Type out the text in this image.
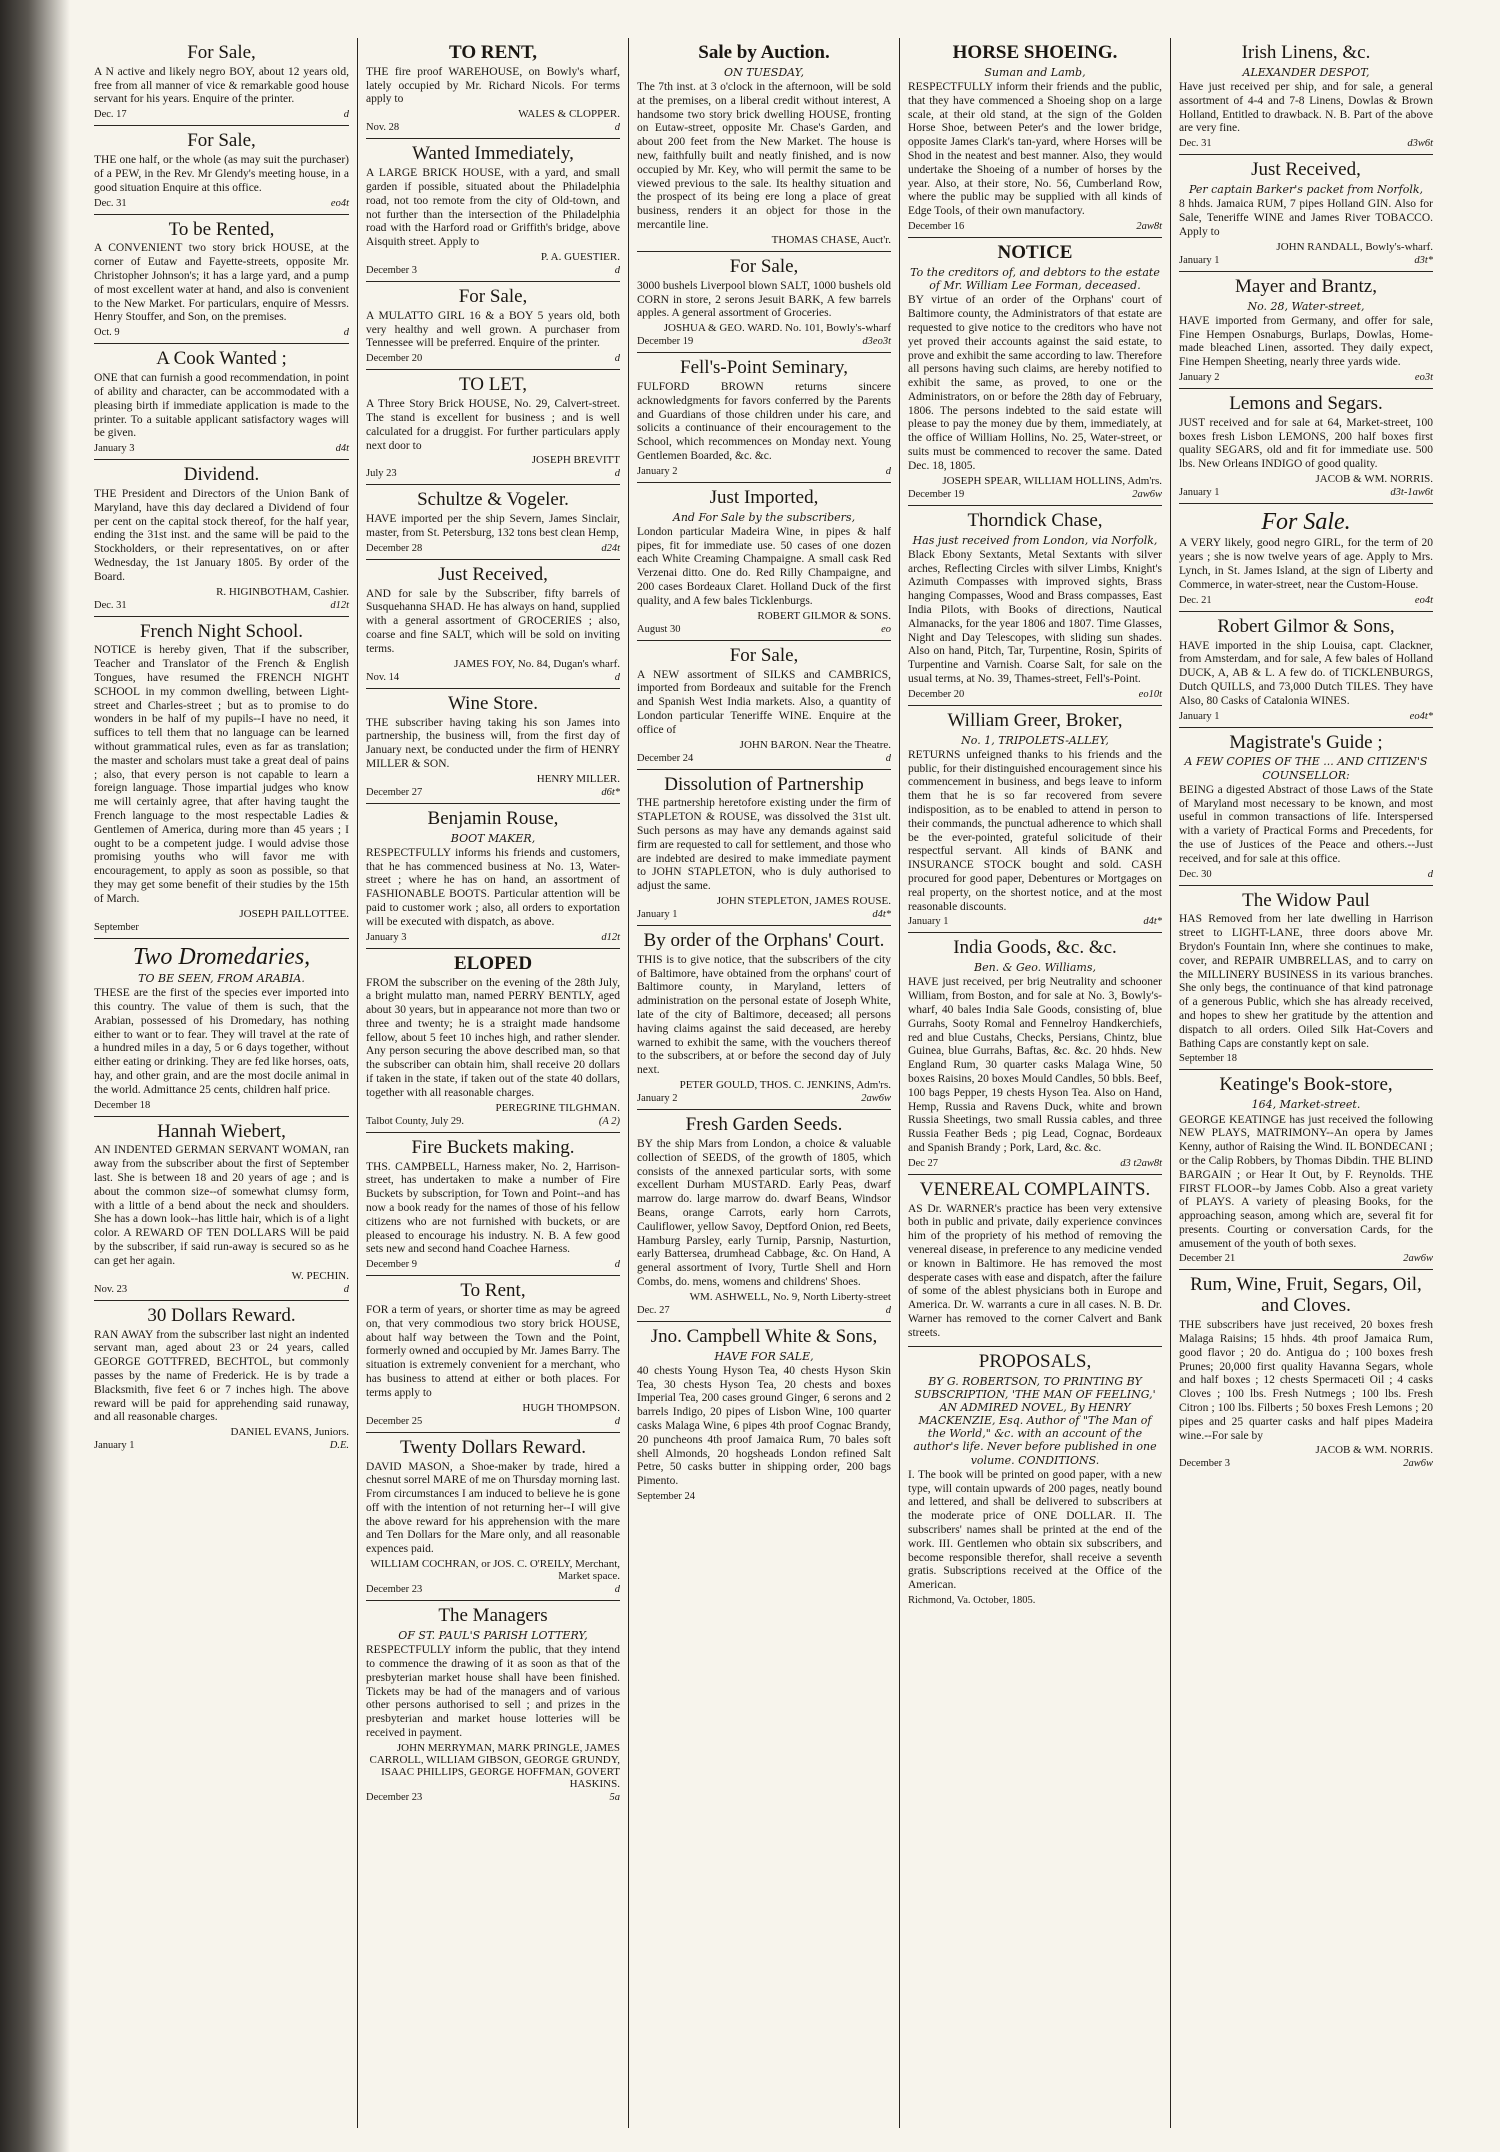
For Sale,

A N active and likely negro BOY, about 12 years old, free from all manner of vice & remarkable good house servant for his years. Enquire of the printer.

Dec. 17	d
For Sale,

THE one half, or the whole (as may suit the purchaser) of a PEW, in the Rev. Mr Glendy's meeting house, in a good situation Enquire at this office.

Dec. 31	eo4t
To be Rented,

A CONVENIENT two story brick HOUSE, at the corner of Eutaw and Fayette-streets, opposite Mr. Christopher Johnson's; it has a large yard, and a pump of most excellent water at hand, and also is convenient to the New Market. For particulars, enquire of Messrs. Henry Stouffer, and Son, on the premises.

Oct. 9	d
A Cook Wanted ;

ONE that can furnish a good recommendation, in point of ability and character, can be accommodated with a pleasing birth if immediate application is made to the printer. To a suitable applicant satisfactory wages will be given.

January 3	d4t
Dividend.

THE President and Directors of the Union Bank of Maryland, have this day declared a Dividend of four per cent on the capital stock thereof, for the half year, ending the 31st inst. and the same will be paid to the Stockholders, or their representatives, on or after Wednesday, the 1st January 1805. By order of the Board.

R. HIGINBOTHAM, Cashier.
Dec. 31	d12t
French Night School.

NOTICE is hereby given, That if the subscriber, Teacher and Translator of the French & English Tongues, have resumed the FRENCH NIGHT SCHOOL in my common dwelling, between Light-street and Charles-street ; but as to promise to do wonders in be half of my pupils--I have no need, it suffices to tell them that no language can be learned without grammatical rules, even as far as translation; the master and scholars must take a great deal of pains ; also, that every person is not capable to learn a foreign language. Those impartial judges who know me will certainly agree, that after having taught the French language to the most respectable Ladies & Gentlemen of America, during more than 45 years ; I ought to be a competent judge. I would advise those promising youths who will favor me with encouragement, to apply as soon as possible, so that they may get some benefit of their studies by the 15th of March.

JOSEPH PAILLOTTEE.
September
Two Dromedaries,
TO BE SEEN, FROM ARABIA.

THESE are the first of the species ever imported into this country. The value of them is such, that the Arabian, possessed of his Dromedary, has nothing either to want or to fear. They will travel at the rate of a hundred miles in a day, 5 or 6 days together, without either eating or drinking. They are fed like horses, oats, hay, and other grain, and are the most docile animal in the world. Admittance 25 cents, children half price.

December 18
Hannah Wiebert,

AN INDENTED GERMAN SERVANT WOMAN, ran away from the subscriber about the first of September last. She is between 18 and 20 years of age ; and is about the common size--of somewhat clumsy form, with a little of a bend about the neck and shoulders. She has a down look--has little hair, which is of a light color. A REWARD OF TEN DOLLARS Will be paid by the subscriber, if said run-away is secured so as he can get her again.

W. PECHIN.
Nov. 23	d
30 Dollars Reward.

RAN AWAY from the subscriber last night an indented servant man, aged about 23 or 24 years, called GEORGE GOTTFRED, BECHTOL, but commonly passes by the name of Frederick. He is by trade a Blacksmith, five feet 6 or 7 inches high. The above reward will be paid for apprehending said runaway, and all reasonable charges.

DANIEL EVANS, Juniors.
January 1	D.E.
TO RENT,

THE fire proof WAREHOUSE, on Bowly's wharf, lately occupied by Mr. Richard Nicols. For terms apply to

WALES & CLOPPER.
Nov. 28	d
Wanted Immediately,

A LARGE BRICK HOUSE, with a yard, and small garden if possible, situated about the Philadelphia road, not too remote from the city of Old-town, and not further than the intersection of the Philadelphia road with the Harford road or Griffith's bridge, above Aisquith street. Apply to

P. A. GUESTIER.
December 3	d
For Sale,

A MULATTO GIRL 16 & a BOY 5 years old, both very healthy and well grown. A purchaser from Tennessee will be preferred. Enquire of the printer.

December 20	d
TO LET,

A Three Story Brick HOUSE, No. 29, Calvert-street. The stand is excellent for business ; and is well calculated for a druggist. For further particulars apply next door to

JOSEPH BREVITT
July 23	d
Schultze & Vogeler.

HAVE imported per the ship Severn, James Sinclair, master, from St. Petersburg, 132 tons best clean Hemp,

December 28	d24t
Just Received,

AND for sale by the Subscriber, fifty barrels of Susquehanna SHAD. He has always on hand, supplied with a general assortment of GROCERIES ; also, coarse and fine SALT, which will be sold on inviting terms.

JAMES FOY, No. 84, Dugan's wharf.
Nov. 14	d
Wine Store.

THE subscriber having taking his son James into partnership, the business will, from the first day of January next, be conducted under the firm of HENRY MILLER & SON.

HENRY MILLER.
December 27	d6t*
Benjamin Rouse,
BOOT MAKER,

RESPECTFULLY informs his friends and customers, that he has commenced business at No. 13, Water-street ; where he has on hand, an assortment of FASHIONABLE BOOTS. Particular attention will be paid to customer work ; also, all orders to exportation will be executed with dispatch, as above.

January 3	d12t
ELOPED

FROM the subscriber on the evening of the 28th July, a bright mulatto man, named PERRY BENTLY, aged about 30 years, but in appearance not more than two or three and twenty; he is a straight made handsome fellow, about 5 feet 10 inches high, and rather slender. Any person securing the above described man, so that the subscriber can obtain him, shall receive 20 dollars if taken in the state, if taken out of the state 40 dollars, together with all reasonable charges.

PEREGRINE TILGHMAN.
Talbot County, July 29.	(A 2)
Fire Buckets making.

THS. CAMPBELL, Harness maker, No. 2, Harrison-street, has undertaken to make a number of Fire Buckets by subscription, for Town and Point--and has now a book ready for the names of those of his fellow citizens who are not furnished with buckets, or are pleased to encourage his industry. N. B. A few good sets new and second hand Coachee Harness.

December 9	d
To Rent,

FOR a term of years, or shorter time as may be agreed on, that very commodious two story brick HOUSE, about half way between the Town and the Point, formerly owned and occupied by Mr. James Barry. The situation is extremely convenient for a merchant, who has business to attend at either or both places. For terms apply to

HUGH THOMPSON.
December 25	d
Twenty Dollars Reward.

DAVID MASON, a Shoe-maker by trade, hired a chesnut sorrel MARE of me on Thursday morning last. From circumstances I am induced to believe he is gone off with the intention of not returning her--I will give the above reward for his apprehension with the mare and Ten Dollars for the Mare only, and all reasonable expences paid.

WILLIAM COCHRAN, or JOS. C. O'REILY, Merchant, Market space.
December 23	d
The Managers
OF ST. PAUL'S PARISH LOTTERY,

RESPECTFULLY inform the public, that they intend to commence the drawing of it as soon as that of the presbyterian market house shall have been finished. Tickets may be had of the managers and of various other persons authorised to sell ; and prizes in the presbyterian and market house lotteries will be received in payment.

JOHN MERRYMAN, MARK PRINGLE, JAMES CARROLL, WILLIAM GIBSON, GEORGE GRUNDY, ISAAC PHILLIPS, GEORGE HOFFMAN, GOVERT HASKINS.
December 23	5a
Sale by Auction.
ON TUESDAY,

The 7th inst. at 3 o'clock in the afternoon, will be sold at the premises, on a liberal credit without interest, A handsome two story brick dwelling HOUSE, fronting on Eutaw-street, opposite Mr. Chase's Garden, and about 200 feet from the New Market. The house is new, faithfully built and neatly finished, and is now occupied by Mr. Key, who will permit the same to be viewed previous to the sale. Its healthy situation and the prospect of its being ere long a place of great business, renders it an object for those in the mercantile line.

THOMAS CHASE, Auct'r.
For Sale,

3000 bushels Liverpool blown SALT, 1000 bushels old CORN in store, 2 serons Jesuit BARK, A few barrels apples. A general assortment of Groceries.

JOSHUA & GEO. WARD. No. 101, Bowly's-wharf
December 19	d3eo3t
Fell's-Point Seminary,

FULFORD BROWN returns sincere acknowledgments for favors conferred by the Parents and Guardians of those children under his care, and solicits a continuance of their encouragement to the School, which recommences on Monday next. Young Gentlemen Boarded, &c. &c.

January 2	d
Just Imported,
And For Sale by the subscribers,

London particular Madeira Wine, in pipes & half pipes, fit for immediate use. 50 cases of one dozen each White Creaming Champaigne. A small cask Red Verzenai ditto. One do. Red Rilly Champaigne, and 200 cases Bordeaux Claret. Holland Duck of the first quality, and A few bales Ticklenburgs.

ROBERT GILMOR & SONS.
August 30	eo
For Sale,

A NEW assortment of SILKS and CAMBRICS, imported from Bordeaux and suitable for the French and Spanish West India markets. Also, a quantity of London particular Teneriffe WINE. Enquire at the office of

JOHN BARON. Near the Theatre.
December 24	d
Dissolution of Partnership

THE partnership heretofore existing under the firm of STAPLETON & ROUSE, was dissolved the 31st ult. Such persons as may have any demands against said firm are requested to call for settlement, and those who are indebted are desired to make immediate payment to JOHN STAPLETON, who is duly authorised to adjust the same.

JOHN STEPLETON, JAMES ROUSE.
January 1	d4t*
By order of the Orphans' Court.

THIS is to give notice, that the subscribers of the city of Baltimore, have obtained from the orphans' court of Baltimore county, in Maryland, letters of administration on the personal estate of Joseph White, late of the city of Baltimore, deceased; all persons having claims against the said deceased, are hereby warned to exhibit the same, with the vouchers thereof to the subscribers, at or before the second day of July next.

PETER GOULD, THOS. C. JENKINS, Adm'rs.
January 2	2aw6w
Fresh Garden Seeds.

BY the ship Mars from London, a choice & valuable collection of SEEDS, of the growth of 1805, which consists of the annexed particular sorts, with some excellent Durham MUSTARD. Early Peas, dwarf marrow do. large marrow do. dwarf Beans, Windsor Beans, orange Carrots, early horn Carrots, Cauliflower, yellow Savoy, Deptford Onion, red Beets, Hamburg Parsley, early Turnip, Parsnip, Nasturtion, early Battersea, drumhead Cabbage, &c. On Hand, A general assortment of Ivory, Turtle Shell and Horn Combs, do. mens, womens and childrens' Shoes.

WM. ASHWELL, No. 9, North Liberty-street
Dec. 27	d
Jno. Campbell White & Sons,
HAVE FOR SALE,

40 chests Young Hyson Tea, 40 chests Hyson Skin Tea, 30 chests Hyson Tea, 20 chests and boxes Imperial Tea, 200 cases ground Ginger, 6 serons and 2 barrels Indigo, 20 pipes of Lisbon Wine, 100 quarter casks Malaga Wine, 6 pipes 4th proof Cognac Brandy, 20 puncheons 4th proof Jamaica Rum, 70 bales soft shell Almonds, 20 hogsheads London refined Salt Petre, 50 casks butter in shipping order, 200 bags Pimento.

September 24
HORSE SHOEING.
Suman and Lamb,

RESPECTFULLY inform their friends and the public, that they have commenced a Shoeing shop on a large scale, at their old stand, at the sign of the Golden Horse Shoe, between Peter's and the lower bridge, opposite James Clark's tan-yard, where Horses will be Shod in the neatest and best manner. Also, they would undertake the Shoeing of a number of horses by the year. Also, at their store, No. 56, Cumberland Row, where the public may be supplied with all kinds of Edge Tools, of their own manufactory.

December 16	2aw8t
NOTICE
To the creditors of, and debtors to the estate of Mr. William Lee Forman, deceased.

BY virtue of an order of the Orphans' court of Baltimore county, the Administrators of that estate are requested to give notice to the creditors who have not yet proved their accounts against the said estate, to prove and exhibit the same according to law. Therefore all persons having such claims, are hereby notified to exhibit the same, as proved, to one or the Administrators, on or before the 28th day of February, 1806. The persons indebted to the said estate will please to pay the money due by them, immediately, at the office of William Hollins, No. 25, Water-street, or suits must be commenced to recover the same. Dated Dec. 18, 1805.

JOSEPH SPEAR, WILLIAM HOLLINS, Adm'rs.
December 19	2aw6w
Thorndick Chase,
Has just received from London, via Norfolk,

Black Ebony Sextants, Metal Sextants with silver arches, Reflecting Circles with silver Limbs, Knight's Azimuth Compasses with improved sights, Brass hanging Compasses, Wood and Brass compasses, East India Pilots, with Books of directions, Nautical Almanacks, for the year 1806 and 1807. Time Glasses, Night and Day Telescopes, with sliding sun shades. Also on hand, Pitch, Tar, Turpentine, Rosin, Spirits of Turpentine and Varnish. Coarse Salt, for sale on the usual terms, at No. 39, Thames-street, Fell's-Point.

December 20	eo10t
William Greer, Broker,
No. 1, TRIPOLETS-ALLEY,

RETURNS unfeigned thanks to his friends and the public, for their distinguished encouragement since his commencement in business, and begs leave to inform them that he is so far recovered from severe indisposition, as to be enabled to attend in person to their commands, the punctual adherence to which shall be the ever-pointed, grateful solicitude of their respectful servant. All kinds of BANK and INSURANCE STOCK bought and sold. CASH procured for good paper, Debentures or Mortgages on real property, on the shortest notice, and at the most reasonable discounts.

January 1	d4t*
India Goods, &c. &c.
Ben. & Geo. Williams,

HAVE just received, per brig Neutrality and schooner William, from Boston, and for sale at No. 3, Bowly's-wharf, 40 bales India Sale Goods, consisting of, blue Gurrahs, Sooty Romal and Fennelroy Handkerchiefs, red and blue Custahs, Checks, Persians, Chintz, blue Guinea, blue Gurrahs, Baftas, &c. &c. 20 hhds. New England Rum, 30 quarter casks Malaga Wine, 50 boxes Raisins, 20 boxes Mould Candles, 50 bbls. Beef, 100 bags Pepper, 19 chests Hyson Tea. Also on Hand, Hemp, Russia and Ravens Duck, white and brown Russia Sheetings, two small Russia cables, and three Russia Feather Beds ; pig Lead, Cognac, Bordeaux and Spanish Brandy ; Pork, Lard, &c. &c.

Dec 27	d3 t2aw8t
VENEREAL COMPLAINTS.

AS Dr. WARNER's practice has been very extensive both in public and private, daily experience convinces him of the propriety of his method of removing the venereal disease, in preference to any medicine vended or known in Baltimore. He has removed the most desperate cases with ease and dispatch, after the failure of some of the ablest physicians both in Europe and America. Dr. W. warrants a cure in all cases. N. B. Dr. Warner has removed to the corner Calvert and Bank streets.

PROPOSALS,
BY G. ROBERTSON, TO PRINTING BY SUBSCRIPTION, 'THE MAN OF FEELING,' AN ADMIRED NOVEL, By HENRY MACKENZIE, Esq. Author of "The Man of the World," &c. with an account of the author's life. Never before published in one volume. CONDITIONS.

I. The book will be printed on good paper, with a new type, will contain upwards of 200 pages, neatly bound and lettered, and shall be delivered to subscribers at the moderate price of ONE DOLLAR. II. The subscribers' names shall be printed at the end of the work. III. Gentlemen who obtain six subscribers, and become responsible therefor, shall receive a seventh gratis. Subscriptions received at the Office of the American.

Richmond, Va. October, 1805.
Irish Linens, &c.
ALEXANDER DESPOT,

Have just received per ship, and for sale, a general assortment of 4-4 and 7-8 Linens, Dowlas & Brown Holland, Entitled to drawback. N. B. Part of the above are very fine.

Dec. 31	d3w6t
Just Received,
Per captain Barker's packet from Norfolk,

8 hhds. Jamaica RUM, 7 pipes Holland GIN. Also for Sale, Teneriffe WINE and James River TOBACCO. Apply to

JOHN RANDALL, Bowly's-wharf.
January 1	d3t*
Mayer and Brantz,
No. 28, Water-street,

HAVE imported from Germany, and offer for sale, Fine Hempen Osnaburgs, Burlaps, Dowlas, Home-made bleached Linen, assorted. They daily expect, Fine Hempen Sheeting, nearly three yards wide.

January 2	eo3t
Lemons and Segars.

JUST received and for sale at 64, Market-street, 100 boxes fresh Lisbon LEMONS, 200 half boxes first quality SEGARS, old and fit for immediate use. 500 lbs. New Orleans INDIGO of good quality.

JACOB & WM. NORRIS.
January 1	d3t-1aw6t
For Sale.

A VERY likely, good negro GIRL, for the term of 20 years ; she is now twelve years of age. Apply to Mrs. Lynch, in St. James Island, at the sign of Liberty and Commerce, in water-street, near the Custom-House.

Dec. 21	eo4t
Robert Gilmor & Sons,

HAVE imported in the ship Louisa, capt. Clackner, from Amsterdam, and for sale, A few bales of Holland DUCK, A, AB & L. A few do. of TICKLENBURGS, Dutch QUILLS, and 73,000 Dutch TILES. They have Also, 80 Casks of Catalonia WINES.

January 1	eo4t*
Magistrate's Guide ;
A FEW COPIES OF THE ... AND CITIZEN'S COUNSELLOR:

BEING a digested Abstract of those Laws of the State of Maryland most necessary to be known, and most useful in common transactions of life. Interspersed with a variety of Practical Forms and Precedents, for the use of Justices of the Peace and others.--Just received, and for sale at this office.

Dec. 30	d
The Widow Paul

HAS Removed from her late dwelling in Harrison street to LIGHT-LANE, three doors above Mr. Brydon's Fountain Inn, where she continues to make, cover, and REPAIR UMBRELLAS, and to carry on the MILLINERY BUSINESS in its various branches. She only begs, the continuance of that kind patronage of a generous Public, which she has already received, and hopes to shew her gratitude by the attention and dispatch to all orders. Oiled Silk Hat-Covers and Bathing Caps are constantly kept on sale.

September 18
Keatinge's Book-store,
164, Market-street.

GEORGE KEATINGE has just received the following NEW PLAYS, MATRIMONY--An opera by James Kenny, author of Raising the Wind. IL BONDECANI ; or the Calip Robbers, by Thomas Dibdin. THE BLIND BARGAIN ; or Hear It Out, by F. Reynolds. THE FIRST FLOOR--by James Cobb. Also a great variety of PLAYS. A variety of pleasing Books, for the approaching season, among which are, several fit for presents. Courting or conversation Cards, for the amusement of the youth of both sexes.

December 21	2aw6w
Rum, Wine, Fruit, Segars, Oil, and Cloves.

THE subscribers have just received, 20 boxes fresh Malaga Raisins; 15 hhds. 4th proof Jamaica Rum, good flavor ; 20 do. Antigua do ; 100 boxes fresh Prunes; 20,000 first quality Havanna Segars, whole and half boxes ; 12 chests Spermaceti Oil ; 4 casks Cloves ; 100 lbs. Fresh Nutmegs ; 100 lbs. Fresh Citron ; 100 lbs. Filberts ; 50 boxes Fresh Lemons ; 20 pipes and 25 quarter casks and half pipes Madeira wine.--For sale by

JACOB & WM. NORRIS.
December 3	2aw6w
